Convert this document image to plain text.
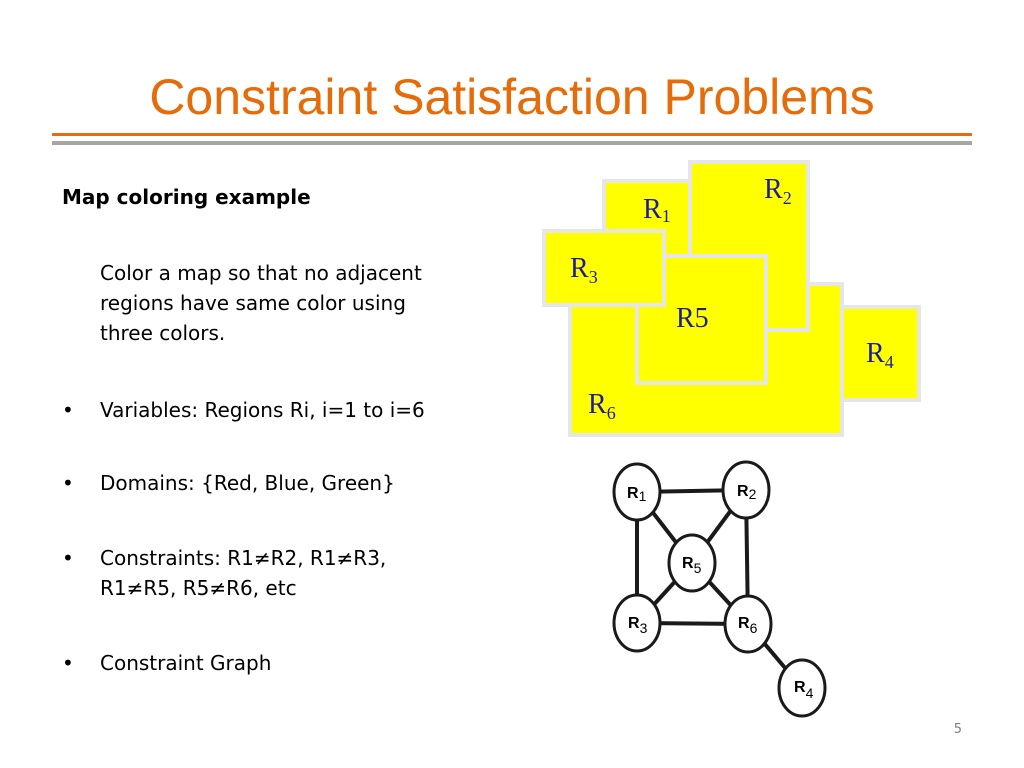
Constraint Satisfaction Problems
Map coloring example
Color a map so that no adjacent
regions have same color using
three colors.
• Variables: Regions Ri, i=1 to i=6
• Domains: {Red, Blue, Green}
• Constraints: R1≠R2, R1≠R3,
R1≠R5, R5≠R6, etc
• Constraint Graph
R1
$R_2$
$R_3$
R5
$R_4$
$R_6$
R1	R2
R5
R3	R6
R4
5
